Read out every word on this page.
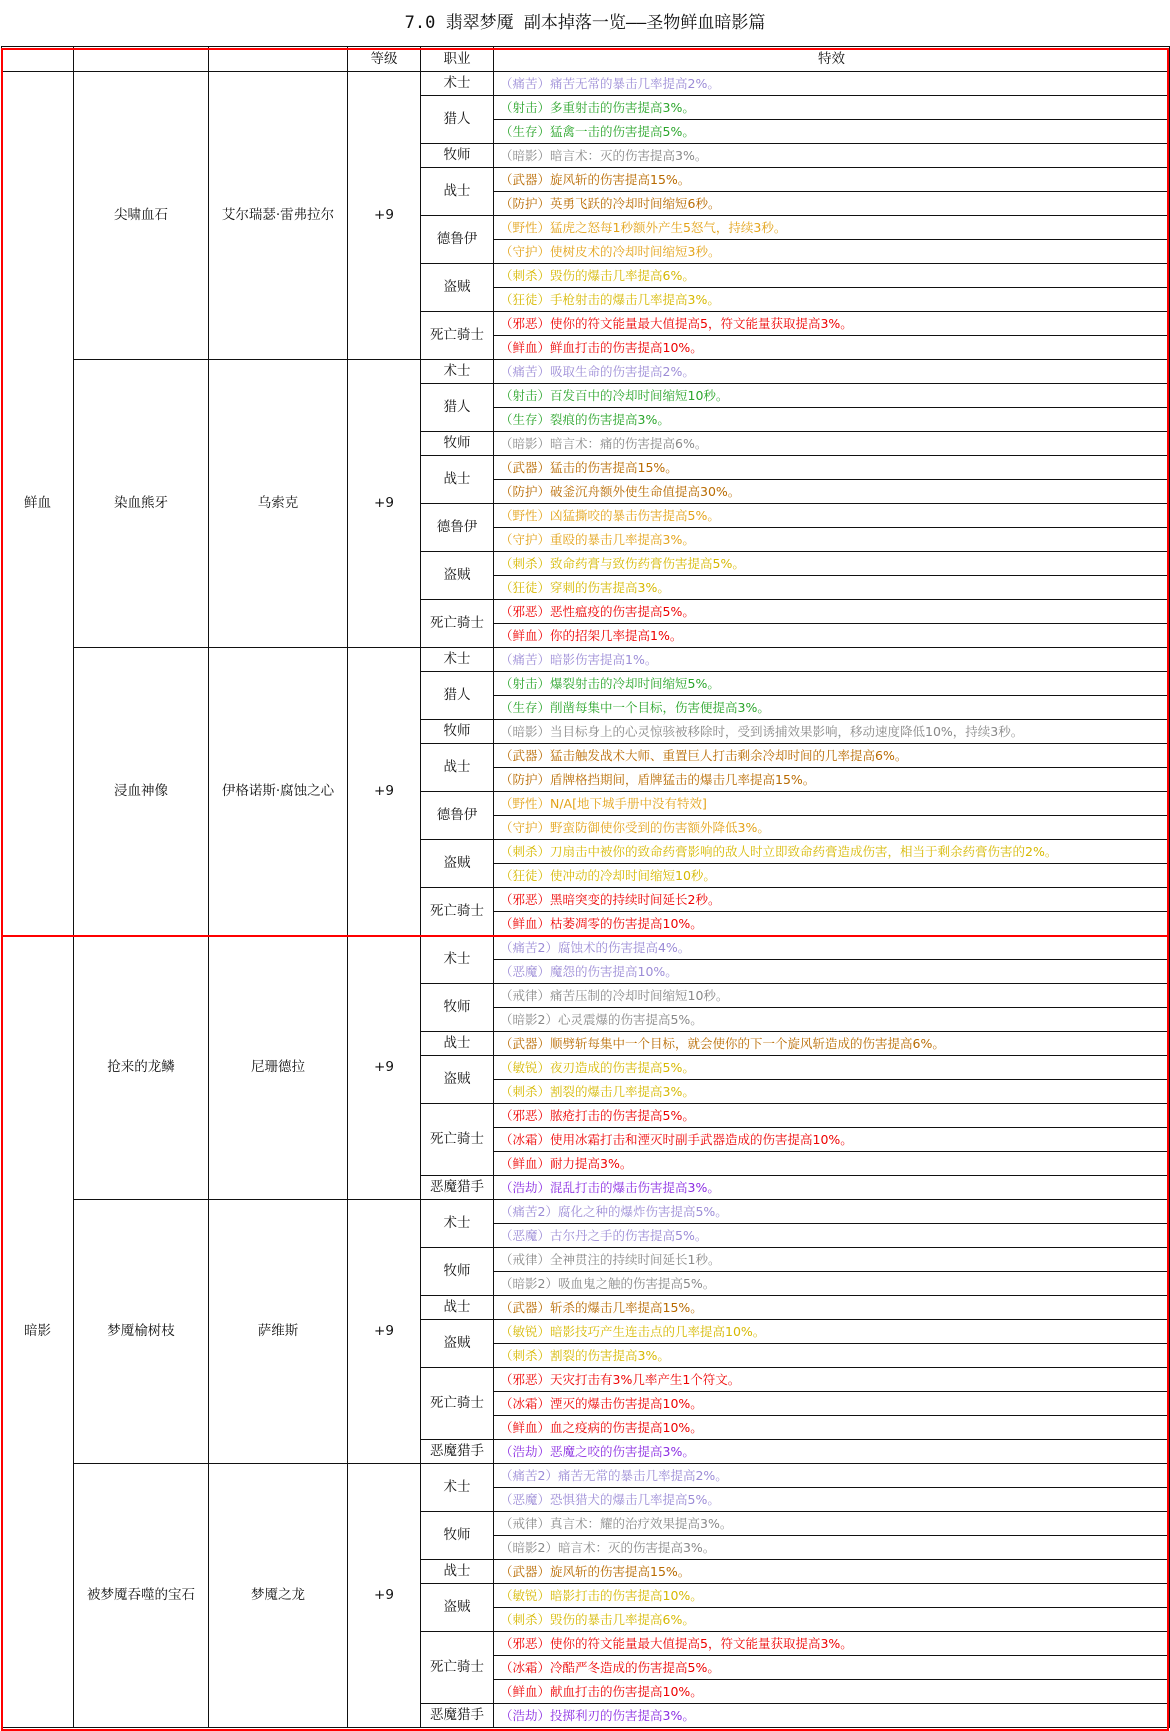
7.0 翡翠梦魇 副本掉落一览——圣物鲜血暗影篇
			等级	职业	特效
鲜血	尖啸血石	艾尔瑞瑟·雷弗拉尔	+9	术士	（痛苦）痛苦无常的暴击几率提高2%。
				猎人	（射击）多重射击的伤害提高3%。
					（生存）猛禽一击的伤害提高5%。
				牧师	（暗影）暗言术：灭的伤害提高3%。
				战士	（武器）旋风斩的伤害提高15%。
					（防护）英勇飞跃的冷却时间缩短6秒。
				德鲁伊	（野性）猛虎之怒每1秒额外产生5怒气，持续3秒。
					（守护）使树皮术的冷却时间缩短3秒。
				盗贼	（刺杀）毁伤的爆击几率提高6%。
					（狂徒）手枪射击的爆击几率提高3%。
				死亡骑士	（邪恶）使你的符文能量最大值提高5，符文能量获取提高3%。
					（鲜血）鲜血打击的伤害提高10%。
	染血熊牙	乌索克	+9	术士	（痛苦）吸取生命的伤害提高2%。
				猎人	（射击）百发百中的冷却时间缩短10秒。
					（生存）裂痕的伤害提高3%。
				牧师	（暗影）暗言术：痛的伤害提高6%。
				战士	（武器）猛击的伤害提高15%。
					（防护）破釜沉舟额外使生命值提高30%。
				德鲁伊	（野性）凶猛撕咬的暴击伤害提高5%。
					（守护）重殴的暴击几率提高3%。
				盗贼	（刺杀）致命药膏与致伤药膏伤害提高5%。
					（狂徒）穿刺的伤害提高3%。
				死亡骑士	（邪恶）恶性瘟疫的伤害提高5%。
					（鲜血）你的招架几率提高1%。
	浸血神像	伊格诺斯·腐蚀之心	+9	术士	（痛苦）暗影伤害提高1%。
				猎人	（射击）爆裂射击的冷却时间缩短5%。
					（生存）削凿每集中一个目标，伤害便提高3%。
				牧师	（暗影）当目标身上的心灵惊骇被移除时，受到诱捕效果影响，移动速度降低10%，持续3秒。
				战士	（武器）猛击触发战术大师、重置巨人打击剩余冷却时间的几率提高6%。
					（防护）盾牌格挡期间，盾牌猛击的爆击几率提高15%。
				德鲁伊	（野性）N/A[地下城手册中没有特效]
					（守护）野蛮防御使你受到的伤害额外降低3%。
				盗贼	（刺杀）刀扇击中被你的致命药膏影响的敌人时立即致命药膏造成伤害，相当于剩余药膏伤害的2%。
					（狂徒）使冲动的冷却时间缩短10秒。
				死亡骑士	（邪恶）黑暗突变的持续时间延长2秒。
					（鲜血）枯萎凋零的伤害提高10%。
暗影	抢来的龙鳞	尼珊德拉	+9	术士	（痛苦2）腐蚀术的伤害提高4%。
					（恶魔）魔怨的伤害提高10%。
				牧师	（戒律）痛苦压制的冷却时间缩短10秒。
					（暗影2）心灵震爆的伤害提高5%。
				战士	（武器）顺劈斩每集中一个目标，就会使你的下一个旋风斩造成的伤害提高6%。
				盗贼	（敏锐）夜刃造成的伤害提高5%。
					（刺杀）割裂的爆击几率提高3%。
				死亡骑士	（邪恶）脓疮打击的伤害提高5%。
					（冰霜）使用冰霜打击和湮灭时副手武器造成的伤害提高10%。
					（鲜血）耐力提高3%。
				恶魔猎手	（浩劫）混乱打击的爆击伤害提高3%。
	梦魇榆树枝	萨维斯	+9	术士	（痛苦2）腐化之种的爆炸伤害提高5%。
					（恶魔）古尔丹之手的伤害提高5%。
				牧师	（戒律）全神贯注的持续时间延长1秒。
					（暗影2）吸血鬼之触的伤害提高5%。
				战士	（武器）斩杀的爆击几率提高15%。
				盗贼	（敏锐）暗影技巧产生连击点的几率提高10%。
					（刺杀）割裂的伤害提高3%。
				死亡骑士	（邪恶）天灾打击有3%几率产生1个符文。
					（冰霜）湮灭的爆击伤害提高10%。
					（鲜血）血之疫病的伤害提高10%。
				恶魔猎手	（浩劫）恶魔之咬的伤害提高3%。
	被梦魇吞噬的宝石	梦魇之龙	+9	术士	（痛苦2）痛苦无常的暴击几率提高2%。
					（恶魔）恐惧猎犬的爆击几率提高5%。
				牧师	（戒律）真言术：耀的治疗效果提高3%。
					（暗影2）暗言术：灭的伤害提高3%。
				战士	（武器）旋风斩的伤害提高15%。
				盗贼	（敏锐）暗影打击的伤害提高10%。
					（刺杀）毁伤的暴击几率提高6%。
				死亡骑士	（邪恶）使你的符文能量最大值提高5，符文能量获取提高3%。
					（冰霜）冷酷严冬造成的伤害提高5%。
					（鲜血）献血打击的伤害提高10%。
				恶魔猎手	（浩劫）投掷利刃的伤害提高3%。
